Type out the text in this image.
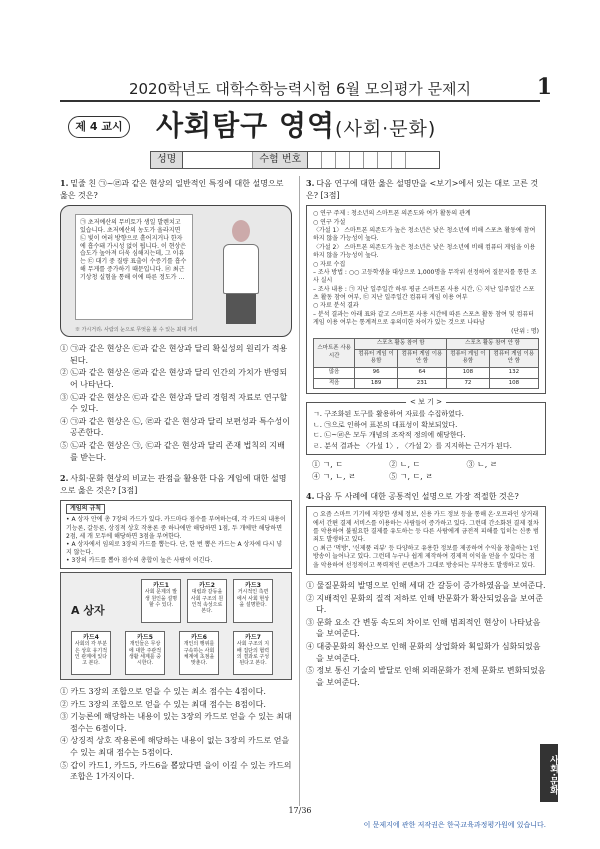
2020학년도 대학수학능력시험 6월 모의평가 문제지	1
제 4 교시 사회탐구 영역(사회·문화)
성명	수험 번호
1. 밑줄 친 ㉠~㉣과 같은 현상의 일반적인 특징에 대한 설명으로 옳은 것은?
㉠ 초저예산의 무비토가 생일 발렌치고 있습니다. 초저예산의 농도가 올라지면 ㉡ 빛이 여러 방향으로 흩어지거나 한자에 흡수돼 가시성 없이 됩니다. 이 현상은 습도가 높아져 더욱 심해지는데, 그 이유는 ㉢ 대기 중 질량 표출이 수증기를 흡수해 무게를 증가하기 때문입니다. ㉣ 최근 기상청 실험을 통해 이에 따른 정도가 …
※ 가시거리: 사람의 눈으로 무엇을 볼 수 있는 최대 거리
① ㉠과 같은 현상은 ㉢과 같은 현상과 달리 확실성의 원리가 적용된다.
② ㉡과 같은 현상은 ㉣과 같은 현상과 달리 인간의 가치가 반영되어 나타난다.
③ ㉡과 같은 현상은 ㉢과 같은 현상과 달리 경험적 자료로 연구할 수 있다.
④ ㉠과 같은 현상은 ㉡, ㉣과 같은 현상과 달리 보편성과 특수성이 공존한다.
⑤ ㉡과 같은 현상은 ㉠, ㉢과 같은 현상과 달리 존재 법칙의 지배를 받는다.
2. 사회·문화 현상의 비교는 관점을 활용한 다음 게임에 대한 설명으로 옳은 것은? [3점]
게임의 규칙
• A 상자 안에 총 7장의 카드가 있다. 카드마다 점수를 부여하는데, 각 카드의 내용이 기능론, 갈등론, 상징적 상호 작용론 중 하나에만 해당하면 1점, 두 개에만 해당하면 2점, 세 개 모두에 해당하면 3점을 부여한다.
• A 상자에서 임의로 3장의 카드를 뽑는다. 단, 한 번 뽑은 카드는 A 상자에 다시 넣지 않는다.
• 3장의 카드를 뽑아 점수의 총합이 높은 사람이 이긴다.
A 상자
카드1
사회 문제의 발생 원인을 설명할 수 있다.
카드2
대립과 갈등을 사회 구조의 원인적 속성으로 본다.
카드3
거시적인 측면에서 사회 현상을 설명한다.
카드4
사회의 각 부분은 상호 유기적인 관계에 있다고 본다.
카드5
개인들은 무상에 대한 주관적 생활 세계를 중시한다.
카드6
개인의 행위를 구속하는 사회 체계에 초점을 맞춘다.
카드7
사회 구조의 지배 집단의 협력의 결과로 구성된다고 본다.
① 카드 3장의 조합으로 얻을 수 있는 최소 점수는 4점이다.
② 카드 3장의 조합으로 얻을 수 있는 최대 점수는 8점이다.
③ 기능론에 해당하는 내용이 있는 3장의 카드로 얻을 수 있는 최대 점수는 6점이다.
④ 상징적 상호 작용론에 해당하는 내용이 없는 3장의 카드로 얻을 수 있는 최대 점수는 5점이다.
⑤ 갑이 카드1, 카드5, 카드6을 뽑았다면 을이 이길 수 있는 카드의 조합은 1가지이다.
3. 다음 연구에 대한 옳은 설명만을 <보기>에서 있는 대로 고른 것은? [3점]
○ 연구 주제 : 청소년의 스마트폰 의존도와 여가 활동의 관계
○ 연구 가설
〈가설 1〉 스마트폰 의존도가 높은 청소년은 낮은 청소년에 비해 스포츠 활동에 참여하지 않을 가능성이 높다.
〈가설 2〉 스마트폰 의존도가 높은 청소년은 낮은 청소년에 비해 컴퓨터 게임을 이용하지 않을 가능성이 높다.
○ 자료 수집
– 조사 방법 : ○○ 고등학생을 대상으로 1,000명을 무작위 선정하여 질문지를 통한 조사 실시
– 조사 내용 : ㉠ 지난 일주일간 하루 평균 스마트폰 사용 시간, ㉡ 지난 일주일간 스포츠 활동 참여 여부, ㉢ 지난 일주일간 컴퓨터 게임 이용 여부
○ 자료 분석 결과
– 분석 결과는 아래 표와 같고 스마트폰 사용 시간에 따른 스포츠 활동 참여 및 컴퓨터 게임 이용 여부는 통계적으로 유의미한 차이가 있는 것으로 나타남
(단위 : 명)
스마트폰 사용 시간	스포츠 활동 참여 함		스포츠 활동 참여 안 함	
	컴퓨터 게임 이용함	컴퓨터 게임 이용 안 함	컴퓨터 게임 이용함	컴퓨터 게임 이용 안 함
많음	96	64	108	132
적음	189	231	72	108
< 보 기 >
ㄱ. 구조화된 도구를 활용하여 자료를 수집하였다.
ㄴ. ㉠으로 인하여 표본의 대표성이 확보되었다.
ㄷ. ㉡~㉣은 모두 개념의 조작적 정의에 해당한다.
ㄹ. 분석 결과는 〈가설 1〉, 〈가설 2〉를 지지하는 근거가 된다.
① ㄱ, ㄷ	② ㄴ, ㄷ	③ ㄴ, ㄹ
④ ㄱ, ㄴ, ㄹ	⑤ ㄱ, ㄷ, ㄹ
4. 다음 두 사례에 대한 공통적인 설명으로 가장 적절한 것은?
○ 요즘 스마트 기기에 저장한 생체 정보, 신용 카드 정보 등을 통해 온·오프라인 상거래에서 간편 결제 서비스를 이용하는 사람들이 증가하고 있다. 그런데 간소화된 결제 절차를 악용하여 불필요한 결제를 유도하는 등 다른 사람에게 금전적 피해를 입히는 신종 범죄도 발생하고 있다.
○ 최근 '먹방', '신제품 리뷰' 등 다양하고 유용한 정보를 제공하여 수익을 창출하는 1인 방송이 늘어나고 있다. 그런데 누구나 쉽게 제작하여 경제적 이익을 얻을 수 있다는 점을 악용하여 선정적이고 폭력적인 콘텐츠가 그대로 방송되는 부작용도 발생하고 있다.
① 물질문화의 발명으로 인해 세대 간 갈등이 증가하였음을 보여준다.
② 지배적인 문화의 질적 저하로 인해 반문화가 확산되었음을 보여준다.
③ 문화 요소 간 변동 속도의 차이로 인해 범죄적인 현상이 나타났음을 보여준다.
④ 대중문화의 확산으로 인해 문화의 상업화와 획일화가 심화되었음을 보여준다.
⑤ 정보 통신 기술의 발달로 인해 외래문화가 전체 문화로 변화되었음을 보여준다.
사회·문화
17/36
이 문제지에 관한 저작권은 한국교육과정평가원에 있습니다.
